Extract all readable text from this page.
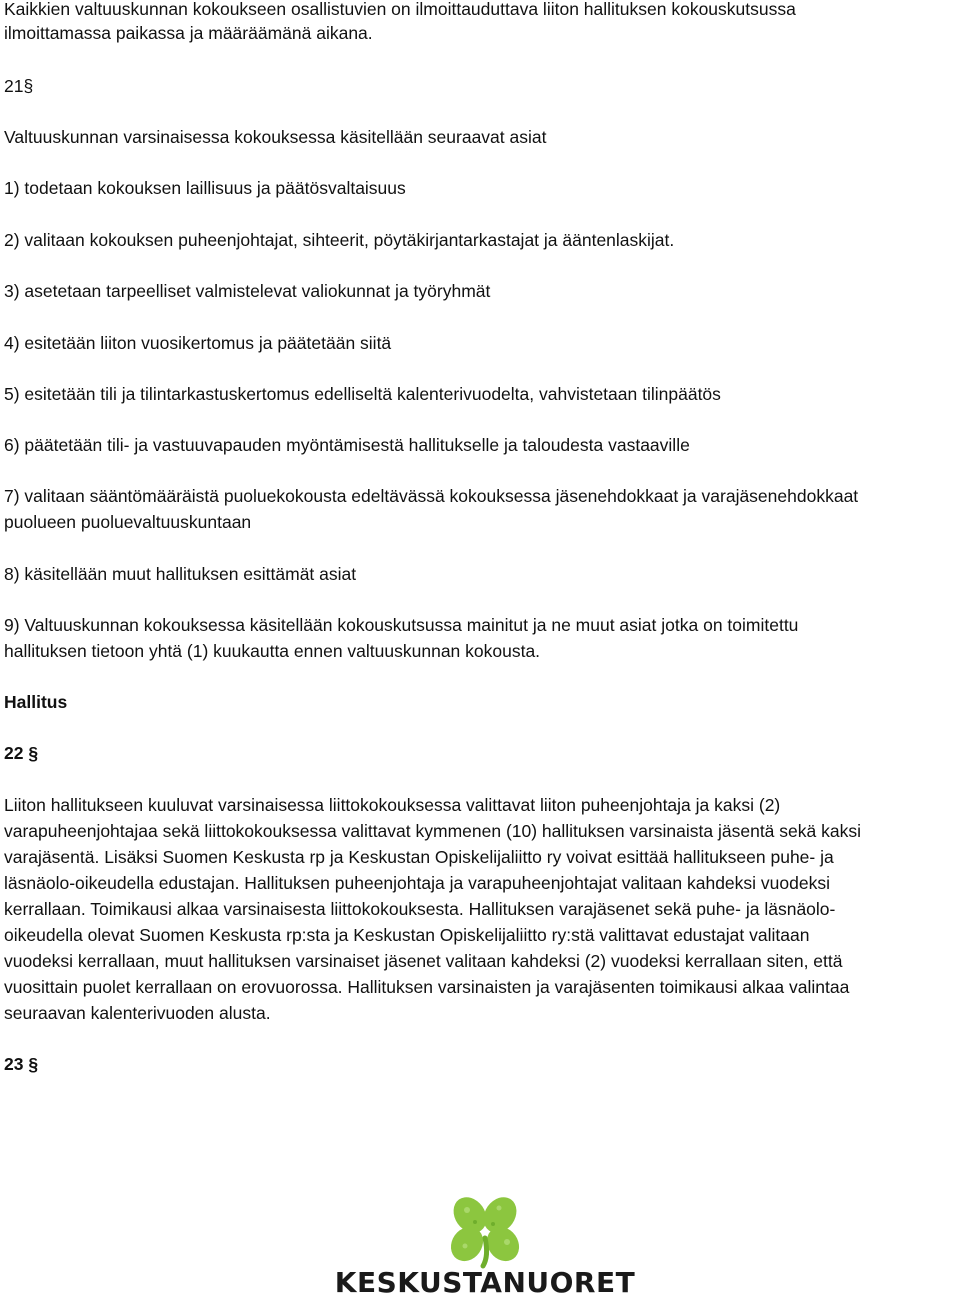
Kaikkien valtuuskunnan kokoukseen osallistuvien on ilmoittauduttava liiton hallituksen kokouskutsussa
ilmoittamassa paikassa ja määräämänä aikana.
21§
Valtuuskunnan varsinaisessa kokouksessa käsitellään seuraavat asiat
1) todetaan kokouksen laillisuus ja päätösvaltaisuus
2) valitaan kokouksen puheenjohtajat, sihteerit, pöytäkirjantarkastajat ja ääntenlaskijat.
3) asetetaan tarpeelliset valmistelevat valiokunnat ja työryhmät
4) esitetään liiton vuosikertomus ja päätetään siitä
5) esitetään tili ja tilintarkastuskertomus edelliseltä kalenterivuodelta, vahvistetaan tilinpäätös
6) päätetään tili- ja vastuuvapauden myöntämisestä hallitukselle ja taloudesta vastaaville
7) valitaan sääntömääräistä puoluekokousta edeltävässä kokouksessa jäsenehdokkaat ja varajäsenehdokkaat
puolueen puoluevaltuuskuntaan
8) käsitellään muut hallituksen esittämät asiat
9) Valtuuskunnan kokouksessa käsitellään kokouskutsussa mainitut ja ne muut asiat jotka on toimitettu
hallituksen tietoon yhtä (1) kuukautta ennen valtuuskunnan kokousta.
Hallitus
22 §
Liiton hallitukseen kuuluvat varsinaisessa liittokokouksessa valittavat liiton puheenjohtaja ja kaksi (2)
varapuheenjohtajaa sekä liittokokouksessa valittavat kymmenen (10) hallituksen varsinaista jäsentä sekä kaksi
varajäsentä. Lisäksi Suomen Keskusta rp ja Keskustan Opiskelijaliitto ry voivat esittää hallitukseen puhe- ja
läsnäolo-oikeudella edustajan. Hallituksen puheenjohtaja ja varapuheenjohtajat valitaan kahdeksi vuodeksi
kerrallaan. Toimikausi alkaa varsinaisesta liittokokouksesta. Hallituksen varajäsenet sekä puhe- ja läsnäolo-
oikeudella olevat Suomen Keskusta rp:sta ja Keskustan Opiskelijaliitto ry:stä valittavat edustajat valitaan
vuodeksi kerrallaan, muut hallituksen varsinaiset jäsenet valitaan kahdeksi (2) vuodeksi kerrallaan siten, että
vuosittain puolet kerrallaan on erovuorossa. Hallituksen varsinaisten ja varajäsenten toimikausi alkaa valintaa
seuraavan kalenterivuoden alusta.
23 §
KESKUSTANUORET
